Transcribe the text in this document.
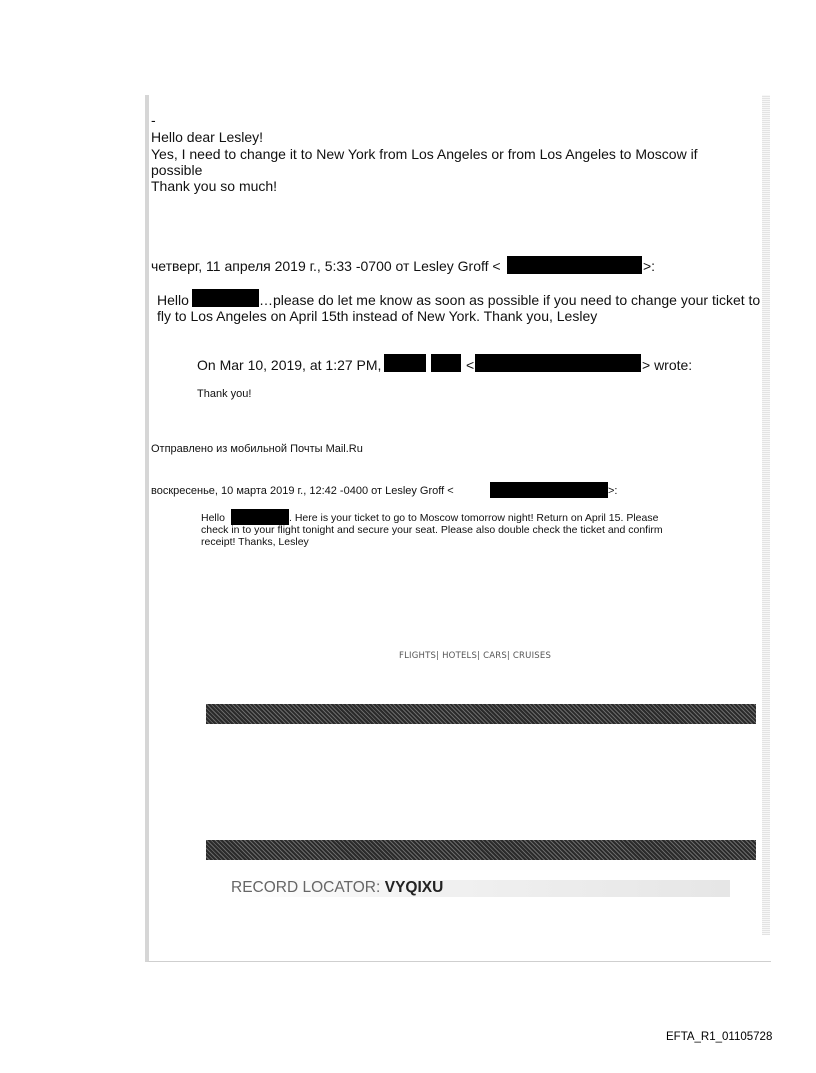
-
Hello dear Lesley!
Yes, I need to change it to New York from Los Angeles or from Los Angeles to Moscow if
possible
Thank you so much!
четверг, 11 апреля 2019 г., 5:33 -0700 от Lesley Groff <	>:
Hello	…please do let me know as soon as possible if you need to change your ticket to
fly to Los Angeles on April 15th instead of New York. Thank you, Lesley
On Mar 10, 2019, at 1:27 PM,	<	> wrote:
Thank you!
Отправлено из мобильной Почты Mail.Ru
воскресенье, 10 марта 2019 г., 12:42 -0400 от Lesley Groff <	>:
Hello	. Here is your ticket to go to Moscow tomorrow night! Return on April 15. Please
check in to your flight tonight and secure your seat. Please also double check the ticket and confirm
receipt! Thanks, Lesley
FLIGHTS| HOTELS| CARS| CRUISES
RECORD LOCATOR: VYQIXU
EFTA_R1_01105728
